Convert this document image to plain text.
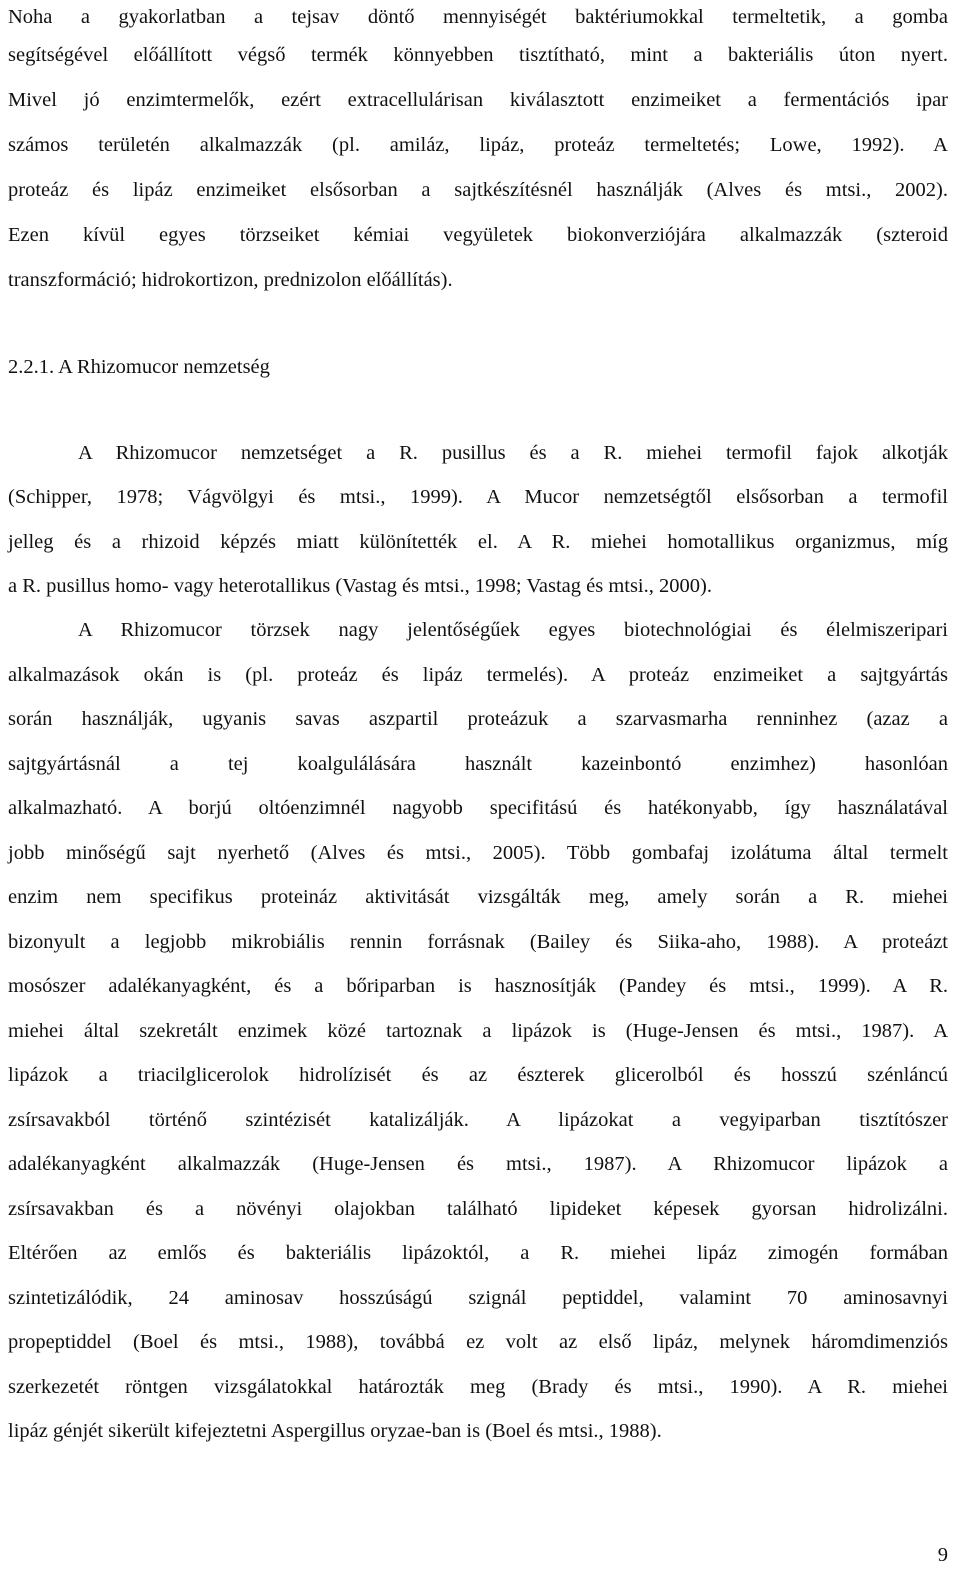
Noha a gyakorlatban a tejsav döntő mennyiségét baktériumokkal termeltetik, a gomba
segítségével előállított végső termék könnyebben tisztítható, mint a bakteriális úton nyert.
Mivel jó enzimtermelők, ezért extracellulárisan kiválasztott enzimeiket a fermentációs ipar
számos területén alkalmazzák (pl. amiláz, lipáz, proteáz termeltetés; Lowe, 1992). A
proteáz és lipáz enzimeiket elsősorban a sajtkészítésnél használják (Alves és mtsi., 2002).
Ezen kívül egyes törzseiket kémiai vegyületek biokonverziójára alkalmazzák (szteroid
transzformáció; hidrokortizon, prednizolon előállítás).
2.2.1. A Rhizomucor nemzetség
A Rhizomucor nemzetséget a R. pusillus és a R. miehei termofil fajok alkotják
(Schipper, 1978; Vágvölgyi és mtsi., 1999). A Mucor nemzetségtől elsősorban a termofil
jelleg és a rhizoid képzés miatt különítették el. A R. miehei homotallikus organizmus, míg
a R. pusillus homo- vagy heterotallikus (Vastag és mtsi., 1998; Vastag és mtsi., 2000).
A Rhizomucor törzsek nagy jelentőségűek egyes biotechnológiai és élelmiszeripari
alkalmazások okán is (pl. proteáz és lipáz termelés). A proteáz enzimeiket a sajtgyártás
során használják, ugyanis savas aszpartil proteázuk a szarvasmarha renninhez (azaz a
sajtgyártásnál a tej koalgulálására használt kazeinbontó enzimhez) hasonlóan
alkalmazható. A borjú oltóenzimnél nagyobb specifitású és hatékonyabb, így használatával
jobb minőségű sajt nyerhető (Alves és mtsi., 2005). Több gombafaj izolátuma által termelt
enzim nem specifikus proteináz aktivitását vizsgálták meg, amely során a R. miehei
bizonyult a legjobb mikrobiális rennin forrásnak (Bailey és Siika-aho, 1988). A proteázt
mosószer adalékanyagként, és a bőriparban is hasznosítják (Pandey és mtsi., 1999). A R.
miehei által szekretált enzimek közé tartoznak a lipázok is (Huge-Jensen és mtsi., 1987). A
lipázok a triacilglicerolok hidrolízisét és az észterek glicerolból és hosszú szénláncú
zsírsavakból történő szintézisét katalizálják. A lipázokat a vegyiparban tisztítószer
adalékanyagként alkalmazzák (Huge-Jensen és mtsi., 1987). A Rhizomucor lipázok a
zsírsavakban és a növényi olajokban található lipideket képesek gyorsan hidrolizálni.
Eltérően az emlős és bakteriális lipázoktól, a R. miehei lipáz zimogén formában
szintetizálódik, 24 aminosav hosszúságú szignál peptiddel, valamint 70 aminosavnyi
propeptiddel (Boel és mtsi., 1988), továbbá ez volt az első lipáz, melynek háromdimenziós
szerkezetét röntgen vizsgálatokkal határozták meg (Brady és mtsi., 1990). A R. miehei
lipáz génjét sikerült kifejeztetni Aspergillus oryzae-ban is (Boel és mtsi., 1988).
9
